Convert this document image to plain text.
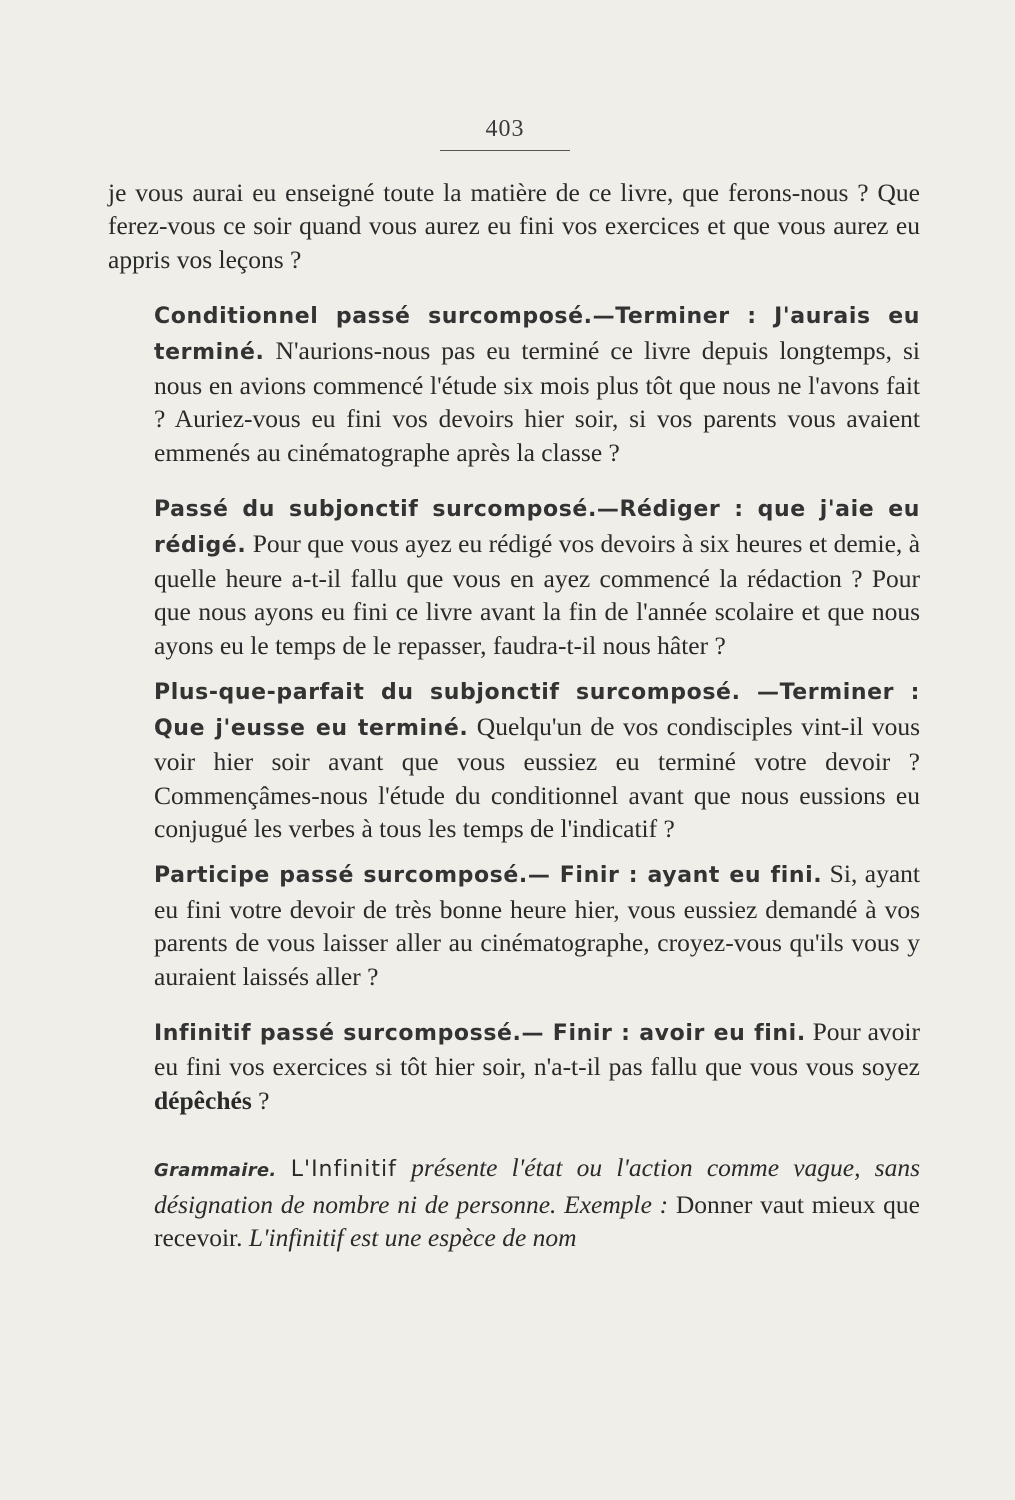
403

je vous aurai eu enseigné toute la matière de ce livre, que ferons-nous ? Que ferez-vous ce soir quand vous aurez eu fini vos exercices et que vous aurez eu appris vos leçons ?

Conditionnel passé surcomposé.—Terminer : J'aurais eu terminé. N'aurions-nous pas eu terminé ce livre depuis longtemps, si nous en avions commencé l'étude six mois plus tôt que nous ne l'avons fait ? Auriez-vous eu fini vos devoirs hier soir, si vos parents vous avaient emmenés au cinématographe après la classe ?

Passé du subjonctif surcomposé.—Rédiger : que j'aie eu rédigé. Pour que vous ayez eu rédigé vos devoirs à six heures et demie, à quelle heure a-t-il fallu que vous en ayez commencé la rédaction ? Pour que nous ayons eu fini ce livre avant la fin de l'année scolaire et que nous ayons eu le temps de le repasser, faudra-t-il nous hâter ?

Plus-que-parfait du subjonctif surcomposé. —Terminer : Que j'eusse eu terminé. Quelqu'un de vos condisciples vint-il vous voir hier soir avant que vous eussiez eu terminé votre devoir ? Commençâmes-nous l'étude du conditionnel avant que nous eussions eu conjugué les verbes à tous les temps de l'indicatif ?

Participe passé surcomposé.— Finir : ayant eu fini. Si, ayant eu fini votre devoir de très bonne heure hier, vous eussiez demandé à vos parents de vous laisser aller au cinématographe, croyez-vous qu'ils vous y auraient laissés aller ?

Infinitif passé surcompossé.— Finir : avoir eu fini. Pour avoir eu fini vos exercices si tôt hier soir, n'a-t-il pas fallu que vous vous soyez dépêchés ?

Grammaire. L'Infinitif présente l'état ou l'action comme vague, sans désignation de nombre ni de personne. Exemple : Donner vaut mieux que recevoir. L'infinitif est une espèce de nom
